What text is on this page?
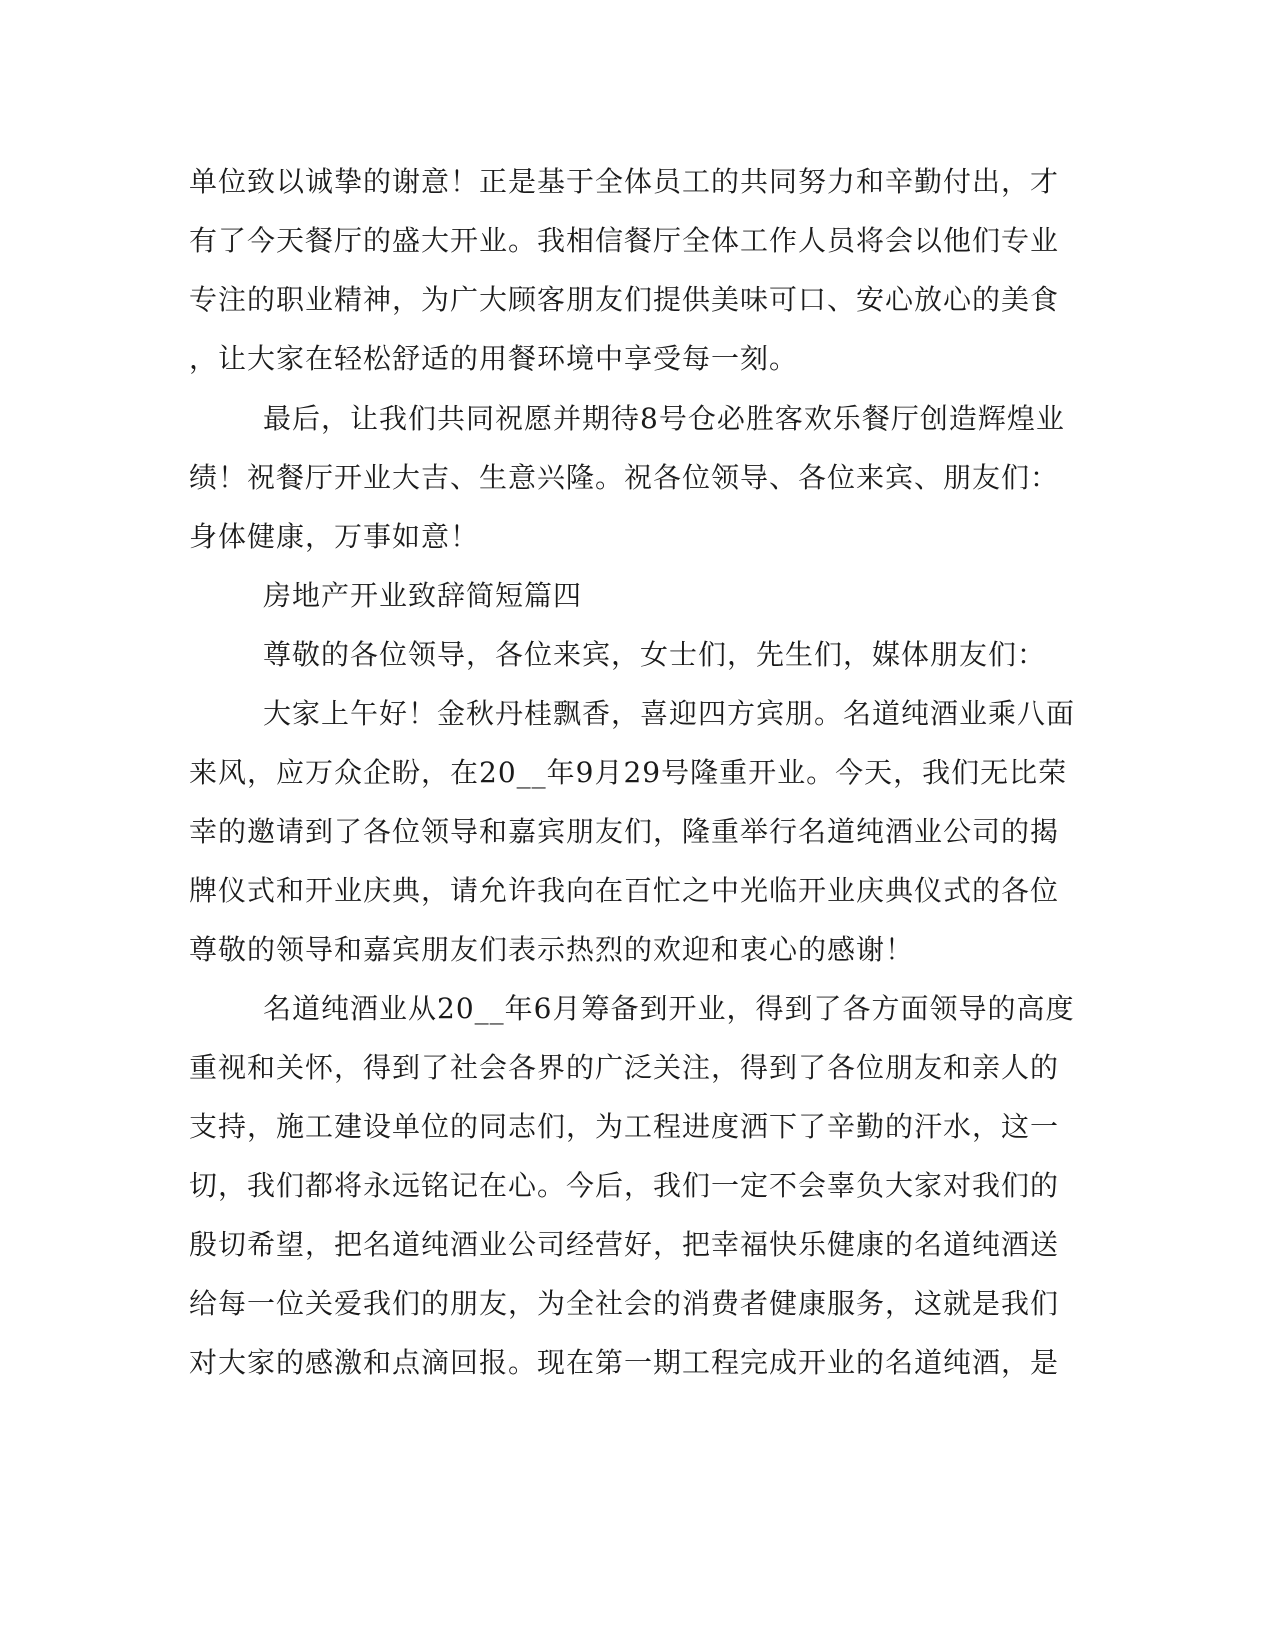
单位致以诚挚的谢意！正是基于全体员工的共同努力和辛勤付出，才
有了今天餐厅的盛大开业。我相信餐厅全体工作人员将会以他们专业
专注的职业精神，为广大顾客朋友们提供美味可口、安心放心的美食
，让大家在轻松舒适的用餐环境中享受每一刻。
最后，让我们共同祝愿并期待8号仓必胜客欢乐餐厅创造辉煌业
绩！祝餐厅开业大吉、生意兴隆。祝各位领导、各位来宾、朋友们：
身体健康，万事如意！
房地产开业致辞简短篇四
尊敬的各位领导，各位来宾，女士们，先生们，媒体朋友们：
大家上午好！金秋丹桂飘香，喜迎四方宾朋。名道纯酒业乘八面
来风，应万众企盼，在20__年9月29号隆重开业。今天，我们无比荣
幸的邀请到了各位领导和嘉宾朋友们，隆重举行名道纯酒业公司的揭
牌仪式和开业庆典，请允许我向在百忙之中光临开业庆典仪式的各位
尊敬的领导和嘉宾朋友们表示热烈的欢迎和衷心的感谢！
名道纯酒业从20__年6月筹备到开业，得到了各方面领导的高度
重视和关怀，得到了社会各界的广泛关注，得到了各位朋友和亲人的
支持，施工建设单位的同志们，为工程进度洒下了辛勤的汗水，这一
切，我们都将永远铭记在心。今后，我们一定不会辜负大家对我们的
殷切希望，把名道纯酒业公司经营好，把幸福快乐健康的名道纯酒送
给每一位关爱我们的朋友，为全社会的消费者健康服务，这就是我们
对大家的感激和点滴回报。现在第一期工程完成开业的名道纯酒，是
